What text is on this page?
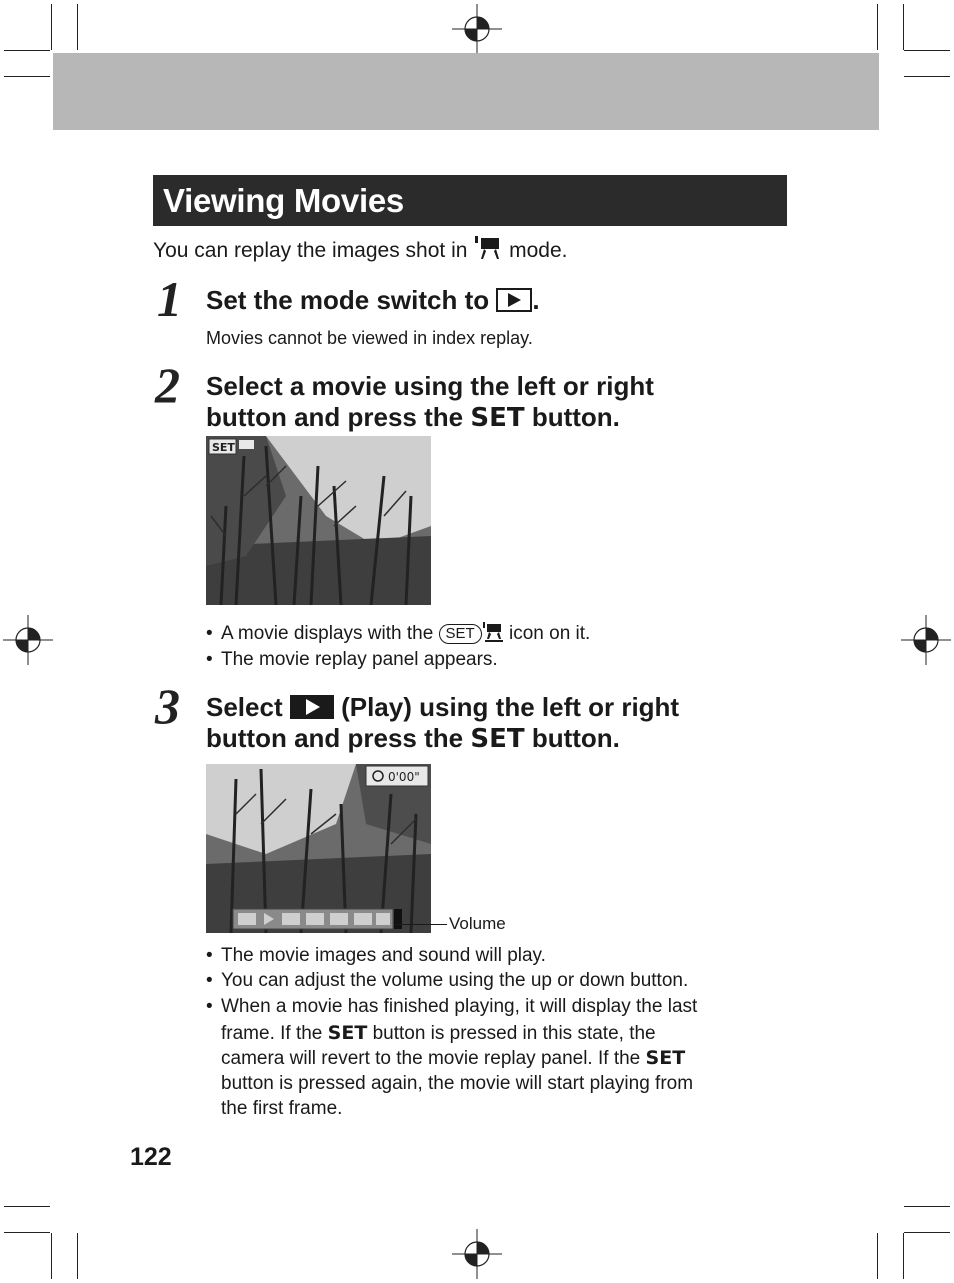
Viewing Movies
You can replay the images shot in mode.
1 Set the mode switch to .
Movies cannot be viewed in index replay.
2 Select a movie using the left or right
button and press the SET button.
SET
• A movie displays with the SET icon on it.
• The movie replay panel appears.
3 Select (Play) using the left or right
button and press the SET button.
0'00"
Volume
• The movie images and sound will play.
• You can adjust the volume using the up or down button.
• When a movie has finished playing, it will display the last
frame. If the SET button is pressed in this state, the
camera will revert to the movie replay panel. If the SET
button is pressed again, the movie will start playing from
the first frame.
122
